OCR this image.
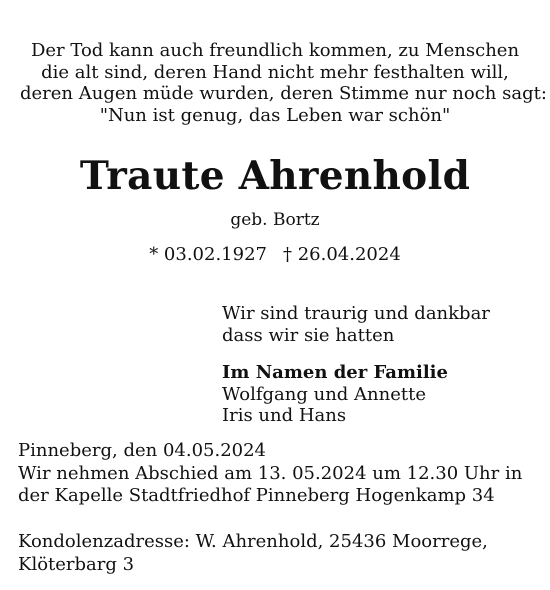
Der Tod kann auch freundlich kommen, zu Menschen
die alt sind, deren Hand nicht mehr festhalten will,
deren Augen müde wurden, deren Stimme nur noch sagt:
"Nun ist genug, das Leben war schön"
Traute Ahrenhold
geb. Bortz
* 03.02.1927 † 26.04.2024
Wir sind traurig und dankbar
dass wir sie hatten
Im Namen der Familie
Wolfgang und Annette
Iris und Hans
Pinneberg, den 04.05.2024
Wir nehmen Abschied am 13. 05.2024 um 12.30 Uhr in
der Kapelle Stadtfriedhof Pinneberg Hogenkamp 34
Kondolenzadresse: W. Ahrenhold, 25436 Moorrege,
Klöterbarg 3
